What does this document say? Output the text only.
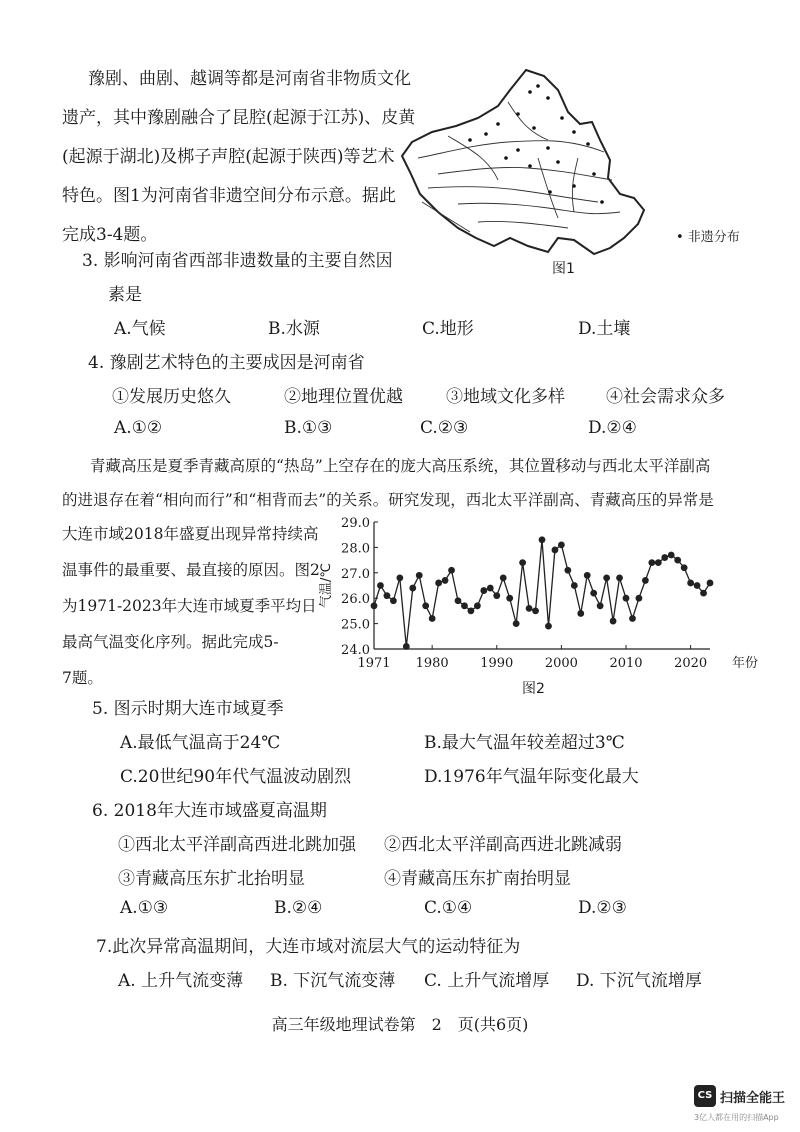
豫剧、曲剧、越调等都是河南省非物质文化
遗产，其中豫剧融合了昆腔(起源于江苏)、皮黄
(起源于湖北)及梆子声腔(起源于陕西)等艺术
特色。图1为河南省非遗空间分布示意。据此
完成3-4题。	• 非遗分布
图1
3. 影响河南省西部非遗数量的主要自然因
素是
A.气候	B.水源	C.地形	D.土壤
4. 豫剧艺术特色的主要成因是河南省
①发展历史悠久	②地理位置优越	③地域文化多样 ④社会需求众多
A.①②	B.①③	C.②③	D.②④
青藏高压是夏季青藏高原的“热岛”上空存在的庞大高压系统，其位置移动与西北太平洋副高
的进退存在着“相向而行”和“相背而去”的关系。研究发现，西北太平洋副高、青藏高压的异常是
大连市域2018年盛夏出现异常持续高
温事件的最重要、最直接的原因。图2
为1971-2023年大连市域夏季平均日
最高气温变化序列。据此完成5-
7题。
24.0
25.0
26.0
27.0
28.0
29.0
1971 1980 1990 2000 2010 2020
气温/℃
年份
图2
5. 图示时期大连市域夏季
A.最低气温高于24℃	B.最大气温年较差超过3℃
C.20世纪90年代气温波动剧烈	D.1976年气温年际变化最大
6. 2018年大连市域盛夏高温期
①西北太平洋副高西进北跳加强 ②西北太平洋副高西进北跳减弱
③青藏高压东扩北抬明显	④青藏高压东扩南抬明显
A.①③	B.②④	C.①④	D.②③
7.此次异常高温期间，大连市域对流层大气的运动特征为
A. 上升气流变薄 B. 下沉气流变薄 C. 上升气流增厚 D. 下沉气流增厚
高三年级地理试卷第　2　页(共6页)
CS 扫描全能王
3亿人都在用的扫描App
